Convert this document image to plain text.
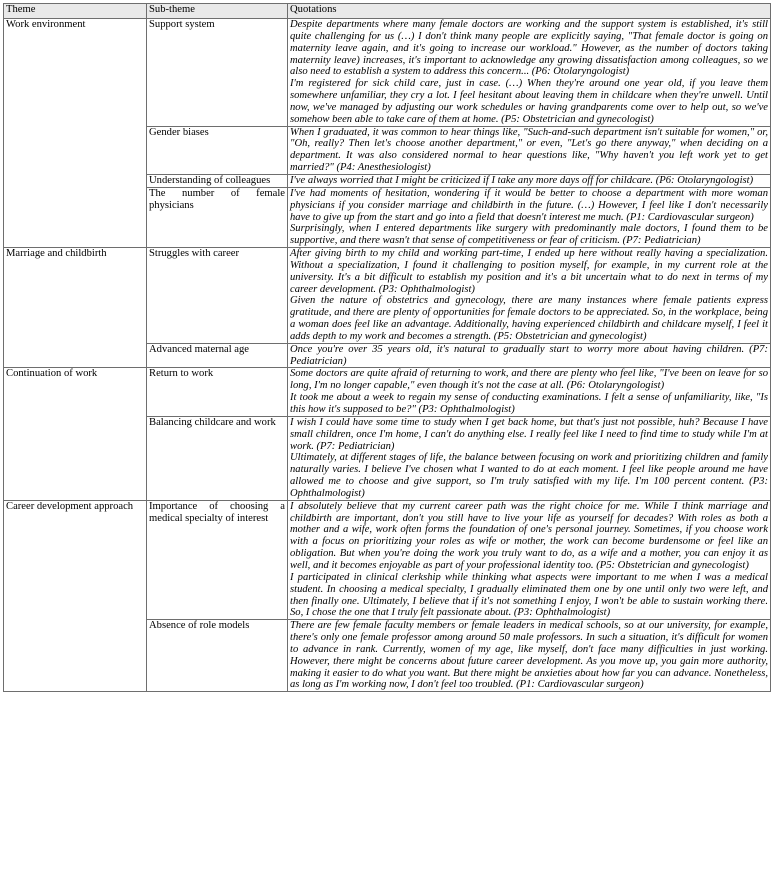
Theme	Sub-theme	Quotations
Work environment	Support system	Despite departments where many female doctors are working and the support system is established, it's still quite challenging for us (…) I don't think many people are explicitly saying, "That female doctor is going on maternity leave again, and it's going to increase our workload." However, as the number of doctors taking maternity leave) increases, it's important to acknowledge any growing dissatisfaction among colleagues, so we also need to establish a system to address this concern... (P6: Otolaryngologist)
I'm registered for sick child care, just in case. (…) When they're around one year old, if you leave them somewhere unfamiliar, they cry a lot. I feel hesitant about leaving them in childcare when they're unwell. Until now, we've managed by adjusting our work schedules or having grandparents come over to help out, so we've somehow been able to take care of them at home. (P5: Obstetrician and gynecologist)

	Gender biases	When I graduated, it was common to hear things like, "Such-and-such department isn't suitable for women," or, "Oh, really? Then let's choose another department," or even, "Let's go there anyway," when deciding on a department. It was also considered normal to hear questions like, "Why haven't you left work yet to get married?" (P4: Anesthesiologist)

	Understanding of colleagues	I've always worried that I might be criticized if I take any more days off for childcare. (P6: Otolaryngologist)

	The number of female physicians	I've had moments of hesitation, wondering if it would be better to choose a department with more woman physicians if you consider marriage and childbirth in the future. (…) However, I feel like I don't necessarily have to give up from the start and go into a field that doesn't interest me much. (P1: Cardiovascular surgeon)
Surprisingly, when I entered departments like surgery with predominantly male doctors, I found them to be supportive, and there wasn't that sense of competitiveness or fear of criticism. (P7: Pediatrician)

Marriage and childbirth	Struggles with career	After giving birth to my child and working part-time, I ended up here without really having a specialization. Without a specialization, I found it challenging to position myself, for example, in my current role at the university. It's a bit difficult to establish my position and it's a bit uncertain what to do next in terms of my career development. (P3: Ophthalmologist)
Given the nature of obstetrics and gynecology, there are many instances where female patients express gratitude, and there are plenty of opportunities for female doctors to be appreciated. So, in the workplace, being a woman does feel like an advantage. Additionally, having experienced childbirth and childcare myself, I feel it adds depth to my work and becomes a strength. (P5: Obstetrician and gynecologist)

	Advanced maternal age	Once you're over 35 years old, it's natural to gradually start to worry more about having children. (P7: Pediatrician)

Continuation of work	Return to work	Some doctors are quite afraid of returning to work, and there are plenty who feel like, "I've been on leave for so long, I'm no longer capable," even though it's not the case at all. (P6: Otolaryngologist)
It took me about a week to regain my sense of conducting examinations. I felt a sense of unfamiliarity, like, "Is this how it's supposed to be?" (P3: Ophthalmologist)

	Balancing childcare and work	I wish I could have some time to study when I get back home, but that's just not possible, huh? Because I have small children, once I'm home, I can't do anything else. I really feel like I need to find time to study while I'm at work. (P7: Pediatrician)
Ultimately, at different stages of life, the balance between focusing on work and prioritizing children and family naturally varies. I believe I've chosen what I wanted to do at each moment. I feel like people around me have allowed me to choose and give support, so I'm truly satisfied with my life. I'm 100 percent content. (P3: Ophthalmologist)

Career development approach	Importance of choosing a medical specialty of interest	I absolutely believe that my current career path was the right choice for me. While I think marriage and childbirth are important, don't you still have to live your life as yourself for decades? With roles as both a mother and a wife, work often forms the foundation of one's personal journey. Sometimes, if you choose work with a focus on prioritizing your roles as wife or mother, the work can become burdensome or feel like an obligation. But when you're doing the work you truly want to do, as a wife and a mother, you can enjoy it as well, and it becomes enjoyable as part of your professional identity too. (P5: Obstetrician and gynecologist)
I participated in clinical clerkship while thinking what aspects were important to me when I was a medical student. In choosing a medical specialty, I gradually eliminated them one by one until only two were left, and then finally one. Ultimately, I believe that if it's not something I enjoy, I won't be able to sustain working there. So, I chose the one that I truly felt passionate about. (P3: Ophthalmologist)

	Absence of role models	There are few female faculty members or female leaders in medical schools, so at our university, for example, there's only one female professor among around 50 male professors. In such a situation, it's difficult for women to advance in rank. Currently, women of my age, like myself, don't face many difficulties in just working. However, there might be concerns about future career development. As you move up, you gain more authority, making it easier to do what you want. But there might be anxieties about how far you can advance. Nonetheless, as long as I'm working now, I don't feel too troubled. (P1: Cardiovascular surgeon)
